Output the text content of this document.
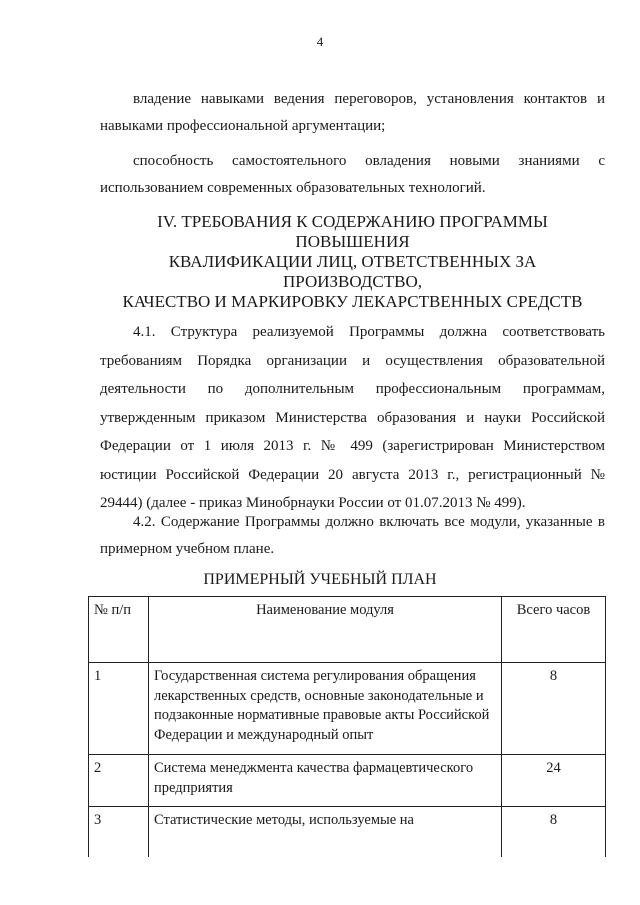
4

владение навыками ведения переговоров, установления контактов и навыками профессиональной аргументации;

способность самостоятельного овладения новыми знаниями с использованием современных образовательных технологий.

IV. ТРЕБОВАНИЯ К СОДЕРЖАНИЮ ПРОГРАММЫ ПОВЫШЕНИЯ
КВАЛИФИКАЦИИ ЛИЦ, ОТВЕТСТВЕННЫХ ЗА ПРОИЗВОДСТВО,
КАЧЕСТВО И МАРКИРОВКУ ЛЕКАРСТВЕННЫХ СРЕДСТВ

4.1. Структура реализуемой Программы должна соответствовать требованиям Порядка организации и осуществления образовательной деятельности по дополнительным профессиональным программам, утвержденным приказом Министерства образования и науки Российской Федерации от 1 июля 2013 г. № 499 (зарегистрирован Министерством юстиции Российской Федерации 20 августа 2013 г., регистрационный № 29444) (далее - приказ Минобрнауки России от 01.07.2013 № 499).

4.2. Содержание Программы должно включать все модули, указанные в примерном учебном плане.

ПРИМЕРНЫЙ УЧЕБНЫЙ ПЛАН
№ п/п	Наименование модуля	Всего часов
1	Государственная система регулирования обращения лекарственных средств, основные законодательные и подзаконные нормативные правовые акты Российской Федерации и международный опыт	8
2	Система менеджмента качества фармацевтического предприятия	24
3	Статистические методы, используемые на	8
